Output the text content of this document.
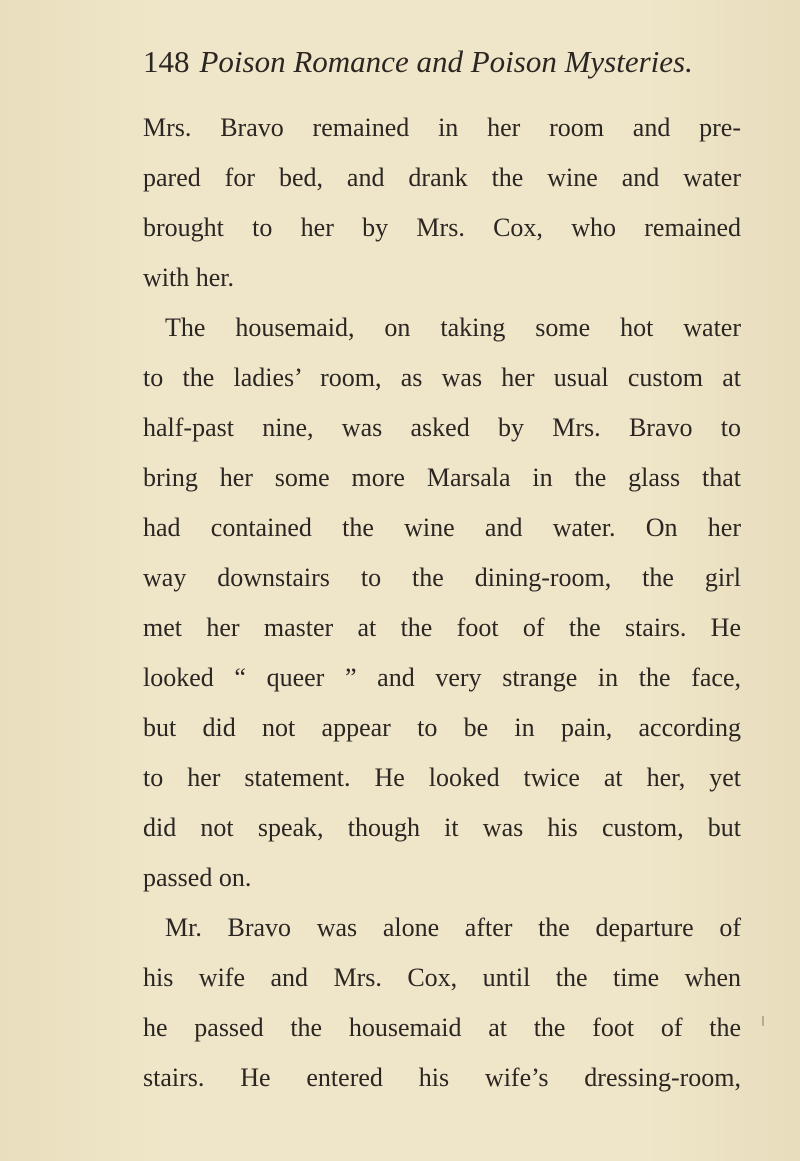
148 Poison Romance and Poison Mysteries.
Mrs. Bravo remained in her room and pre-
pared for bed, and drank the wine and water
brought to her by Mrs. Cox, who remained
with her.
The housemaid, on taking some hot water
to the ladies’ room, as was her usual custom at
half-past nine, was asked by Mrs. Bravo to
bring her some more Marsala in the glass that
had contained the wine and water. On her
way downstairs to the dining-room, the girl
met her master at the foot of the stairs. He
looked “ queer ” and very strange in the face,
but did not appear to be in pain, according
to her statement. He looked twice at her, yet
did not speak, though it was his custom, but
passed on.
Mr. Bravo was alone after the departure of
his wife and Mrs. Cox, until the time when
he passed the housemaid at the foot of the
stairs. He entered his wife’s dressing-room,
